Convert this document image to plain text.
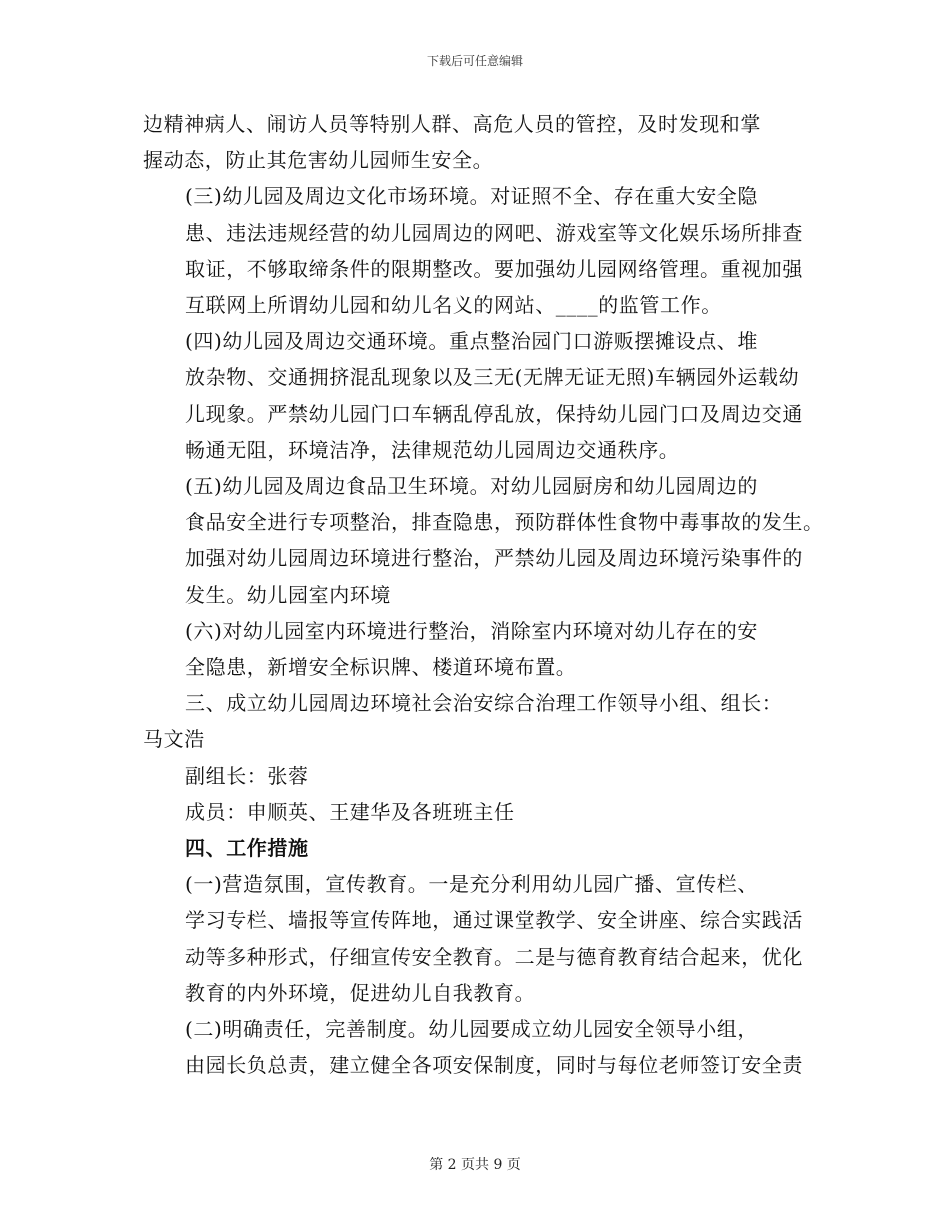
下载后可任意编辑

边精神病人、闹访人员等特别人群、高危人员的管控，及时发现和掌
握动态，防止其危害幼儿园师生安全。

(三)幼儿园及周边文化市场环境。对证照不全、存在重大安全隐
患、违法违规经营的幼儿园周边的网吧、游戏室等文化娱乐场所排查
取证，不够取缔条件的限期整改。要加强幼儿园网络管理。重视加强
互联网上所谓幼儿园和幼儿名义的网站、____的监管工作。

(四)幼儿园及周边交通环境。重点整治园门口游贩摆摊设点、堆
放杂物、交通拥挤混乱现象以及三无(无牌无证无照)车辆园外运载幼
儿现象。严禁幼儿园门口车辆乱停乱放，保持幼儿园门口及周边交通
畅通无阻，环境洁净，法律规范幼儿园周边交通秩序。

(五)幼儿园及周边食品卫生环境。对幼儿园厨房和幼儿园周边的
食品安全进行专项整治，排查隐患，预防群体性食物中毒事故的发生。
加强对幼儿园周边环境进行整治，严禁幼儿园及周边环境污染事件的
发生。幼儿园室内环境

(六)对幼儿园室内环境进行整治，消除室内环境对幼儿存在的安
全隐患，新增安全标识牌、楼道环境布置。

三、成立幼儿园周边环境社会治安综合治理工作领导小组、组长：
马文浩

副组长：张蓉

成员：申顺英、王建华及各班班主任

四、工作措施

(一)营造氛围，宣传教育。一是充分利用幼儿园广播、宣传栏、
学习专栏、墙报等宣传阵地，通过课堂教学、安全讲座、综合实践活
动等多种形式，仔细宣传安全教育。二是与德育教育结合起来，优化
教育的内外环境，促进幼儿自我教育。

(二)明确责任，完善制度。幼儿园要成立幼儿园安全领导小组，
由园长负总责，建立健全各项安保制度，同时与每位老师签订安全责

第 2 页共 9 页
